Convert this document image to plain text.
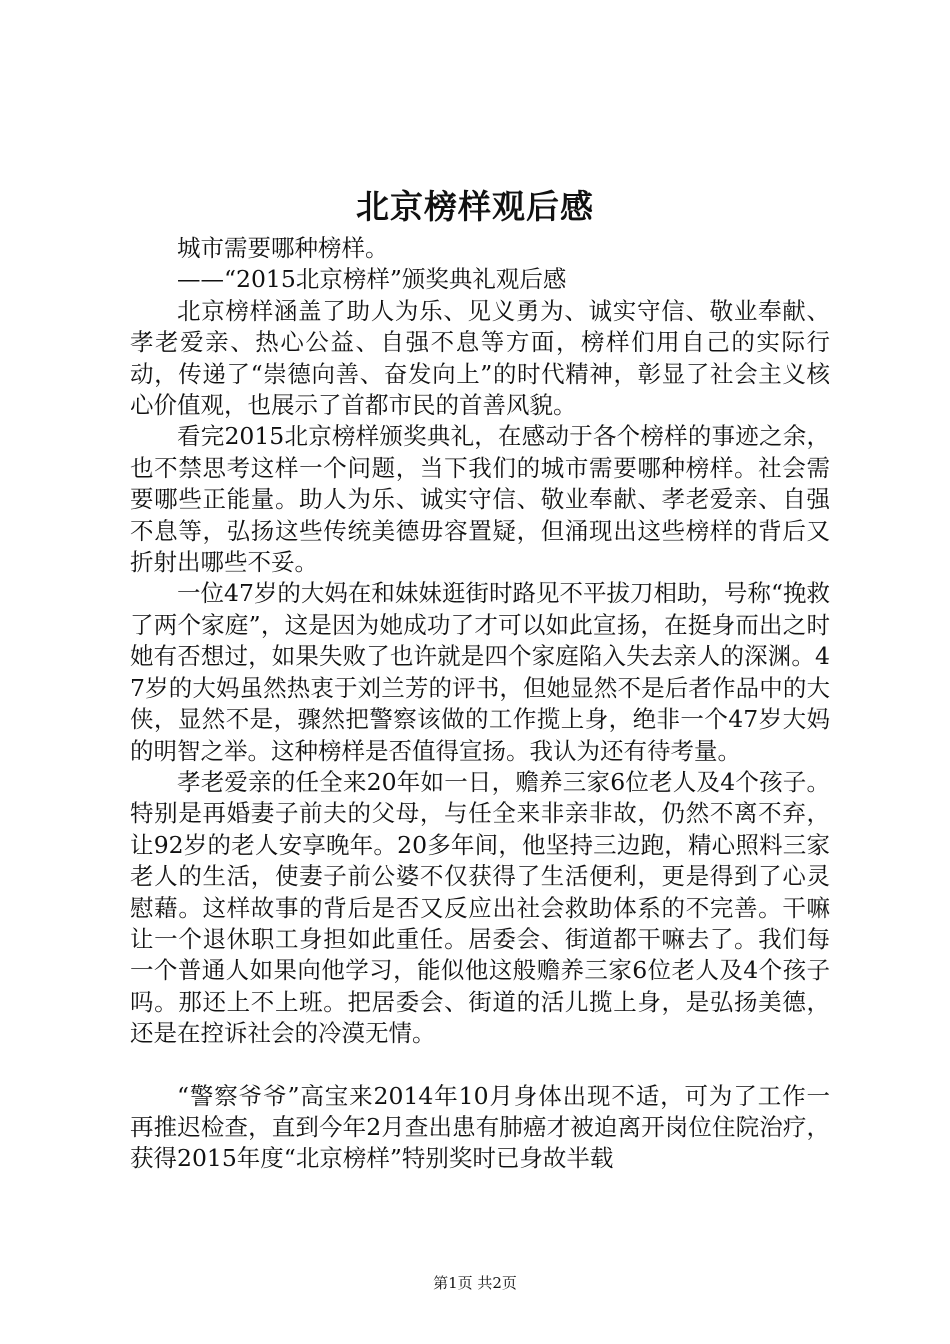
北京榜样观后感

城市需要哪种榜样。

——“2015北京榜样”颁奖典礼观后感

北京榜样涵盖了助人为乐、见义勇为、诚实守信、敬业奉献、孝老爱亲、热心公益、自强不息等方面，榜样们用自己的实际行动，传递了“崇德向善、奋发向上”的时代精神，彰显了社会主义核心价值观，也展示了首都市民的首善风貌。

看完2015北京榜样颁奖典礼，在感动于各个榜样的事迹之余，也不禁思考这样一个问题，当下我们的城市需要哪种榜样。社会需要哪些正能量。助人为乐、诚实守信、敬业奉献、孝老爱亲、自强不息等，弘扬这些传统美德毋容置疑，但涌现出这些榜样的背后又折射出哪些不妥。

一位47岁的大妈在和妹妹逛街时路见不平拔刀相助，号称“挽救了两个家庭”，这是因为她成功了才可以如此宣扬，在挺身而出之时她有否想过，如果失败了也许就是四个家庭陷入失去亲人的深渊。47岁的大妈虽然热衷于刘兰芳的评书，但她显然不是后者作品中的大侠，显然不是，骤然把警察该做的工作揽上身，绝非一个47岁大妈的明智之举。这种榜样是否值得宣扬。我认为还有待考量。

孝老爱亲的任全来20年如一日，赡养三家6位老人及4个孩子。特别是再婚妻子前夫的父母，与任全来非亲非故，仍然不离不弃，让92岁的老人安享晚年。20多年间，他坚持三边跑，精心照料三家老人的生活，使妻子前公婆不仅获得了生活便利，更是得到了心灵慰藉。这样故事的背后是否又反应出社会救助体系的不完善。干嘛让一个退休职工身担如此重任。居委会、街道都干嘛去了。我们每一个普通人如果向他学习，能似他这般赡养三家6位老人及4个孩子吗。那还上不上班。把居委会、街道的活儿揽上身，是弘扬美德，还是在控诉社会的冷漠无情。

“警察爷爷”高宝来2014年10月身体出现不适，可为了工作一再推迟检查，直到今年2月查出患有肺癌才被迫离开岗位住院治疗，获得2015年度“北京榜样”特别奖时已身故半载

第1页 共2页
